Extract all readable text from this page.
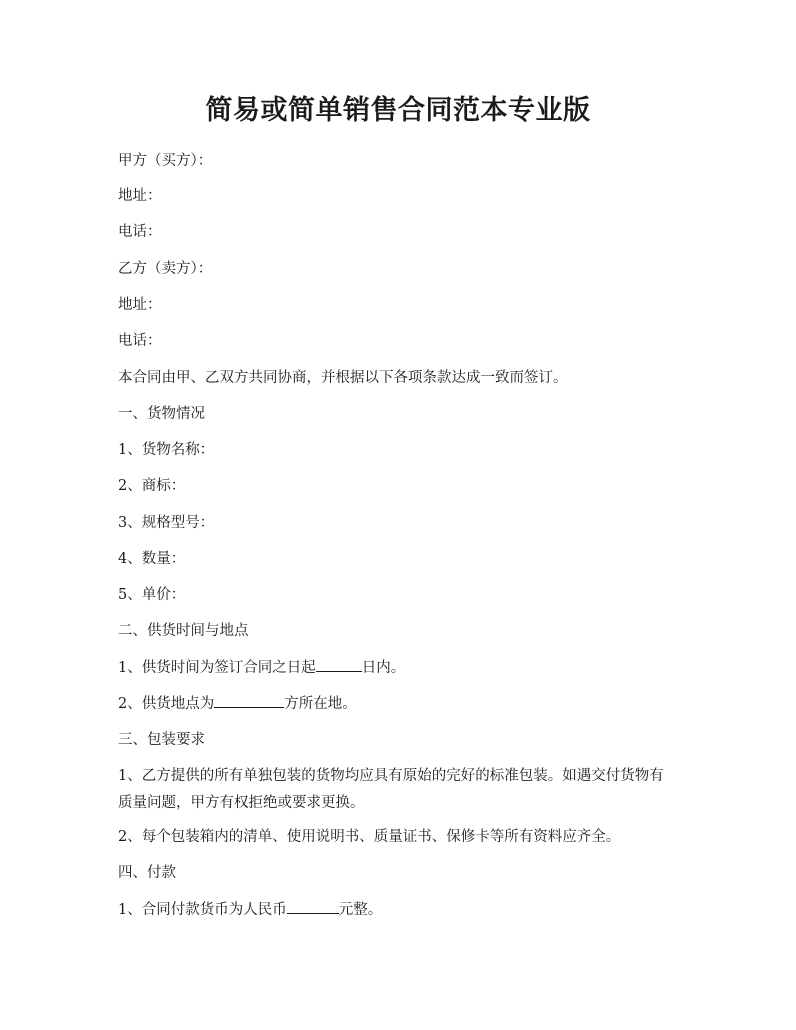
简易或简单销售合同范本专业版

甲方（买方）：

地址：

电话：

乙方（卖方）：

地址：

电话：

本合同由甲、乙双方共同协商，并根据以下各项条款达成一致而签订。

一、货物情况

1、货物名称：

2、商标：

3、规格型号：

4、数量：

5、单价：

二、供货时间与地点

1、供货时间为签订合同之日起	日内。

2、供货地点为	方所在地。

三、包装要求

1、乙方提供的所有单独包装的货物均应具有原始的完好的标准包装。如遇交付货物有质量问题，甲方有权拒绝或要求更换。

2、每个包装箱内的清单、使用说明书、质量证书、保修卡等所有资料应齐全。

四、付款

1、合同付款货币为人民币	元整。
